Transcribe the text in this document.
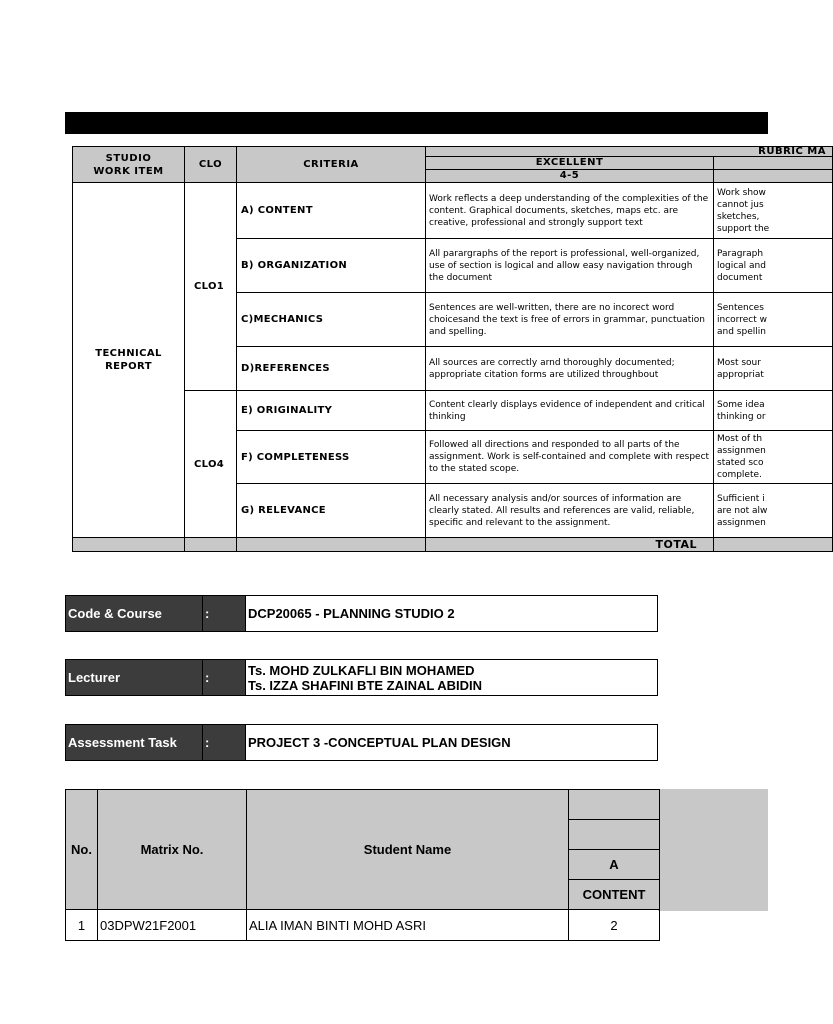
STUDIO WORK ITEM	CLO	CRITERIA	RUBRIC MA	
			EXCELLENT	
			4-5	
TECHNICAL REPORT	CLO1	A) CONTENT	Work reflects a deep understanding of the complexities of the content. Graphical documents, sketches, maps etc. are creative, professional and strongly support text	Work show
cannot jus
sketches,
support the
		B) ORGANIZATION	All parargraphs of the report is professional, well-organized, use of section is logical and allow easy navigation through the document	Paragraph
logical and
document
		C)MECHANICS	Sentences are well-written, there are no incorect word choicesand the text is free of errors in grammar, punctuation and spelling.	Sentences
incorrect w
and spellin
		D)REFERENCES	All sources are correctly arnd thoroughly documented; appropriate citation forms are utilized throughbout	Most sour
appropriat
	CLO4	E) ORIGINALITY	Content clearly displays evidence of independent and critical thinking	Some idea
thinking or
		F) COMPLETENESS	Followed all directions and responded to all parts of the assignment. Work is self-contained and complete with respect to the stated scope.	Most of th
assignmen
stated sco
complete.
		G) RELEVANCE	All necessary analysis and/or sources of information are clearly stated. All results and references are valid, reliable, specific and relevant to the assignment.	Sufficient i
are not alw
assignmen
			TOTAL	
Code & Course	:	DCP20065 - PLANNING STUDIO 2
Lecturer	:	Ts. MOHD ZULKAFLI BIN MOHAMED
Ts. IZZA SHAFINI BTE ZAINAL ABIDIN
Assessment Task	:	PROJECT 3 -CONCEPTUAL PLAN DESIGN
No.	Matrix No.	Student Name	

			A
			CONTENT
1	03DPW21F2001	ALIA IMAN BINTI MOHD ASRI	2
